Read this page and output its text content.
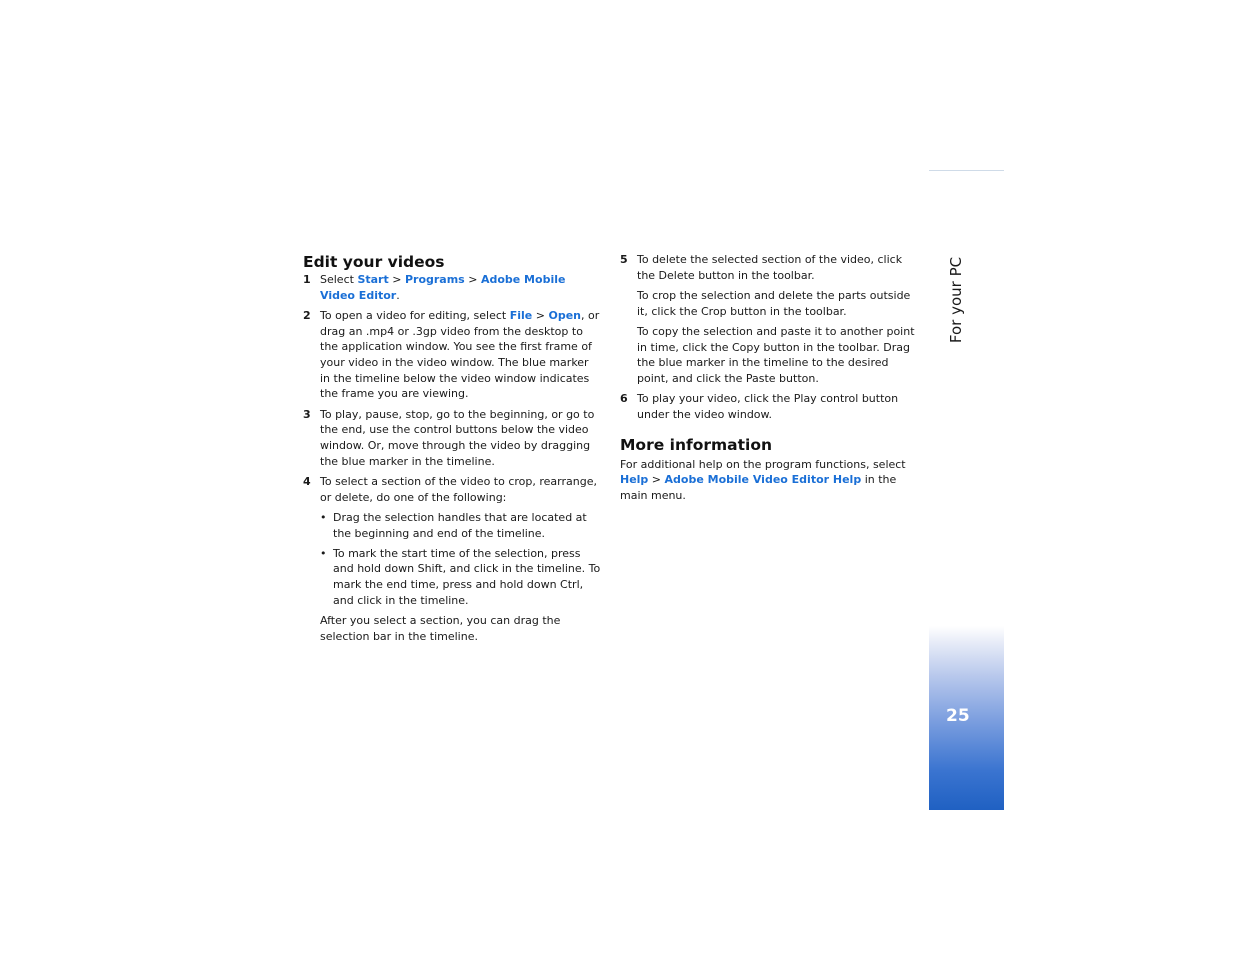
Edit your videos
1 Select Start > Programs > Adobe Mobile Video Editor.
2 To open a video for editing, select File > Open, or drag an .mp4 or .3gp video from the desktop to the application window. You see the first frame of your video in the video window. The blue marker in the timeline below the video window indicates the frame you are viewing.
3 To play, pause, stop, go to the beginning, or go to the end, use the control buttons below the video window. Or, move through the video by dragging the blue marker in the timeline.
4 To select a section of the video to crop, rearrange, or delete, do one of the following:
• Drag the selection handles that are located at the beginning and end of the timeline.
• To mark the start time of the selection, press and hold down Shift, and click in the timeline. To mark the end time, press and hold down Ctrl, and click in the timeline.
After you select a section, you can drag the selection bar in the timeline.
5 To delete the selected section of the video, click the Delete button in the toolbar.
To crop the selection and delete the parts outside it, click the Crop button in the toolbar.
To copy the selection and paste it to another point in time, click the Copy button in the toolbar. Drag the blue marker in the timeline to the desired point, and click the Paste button.
6 To play your video, click the Play control button under the video window.
More information

For additional help on the program functions, select Help > Adobe Mobile Video Editor Help in the main menu.

For your PC
25
